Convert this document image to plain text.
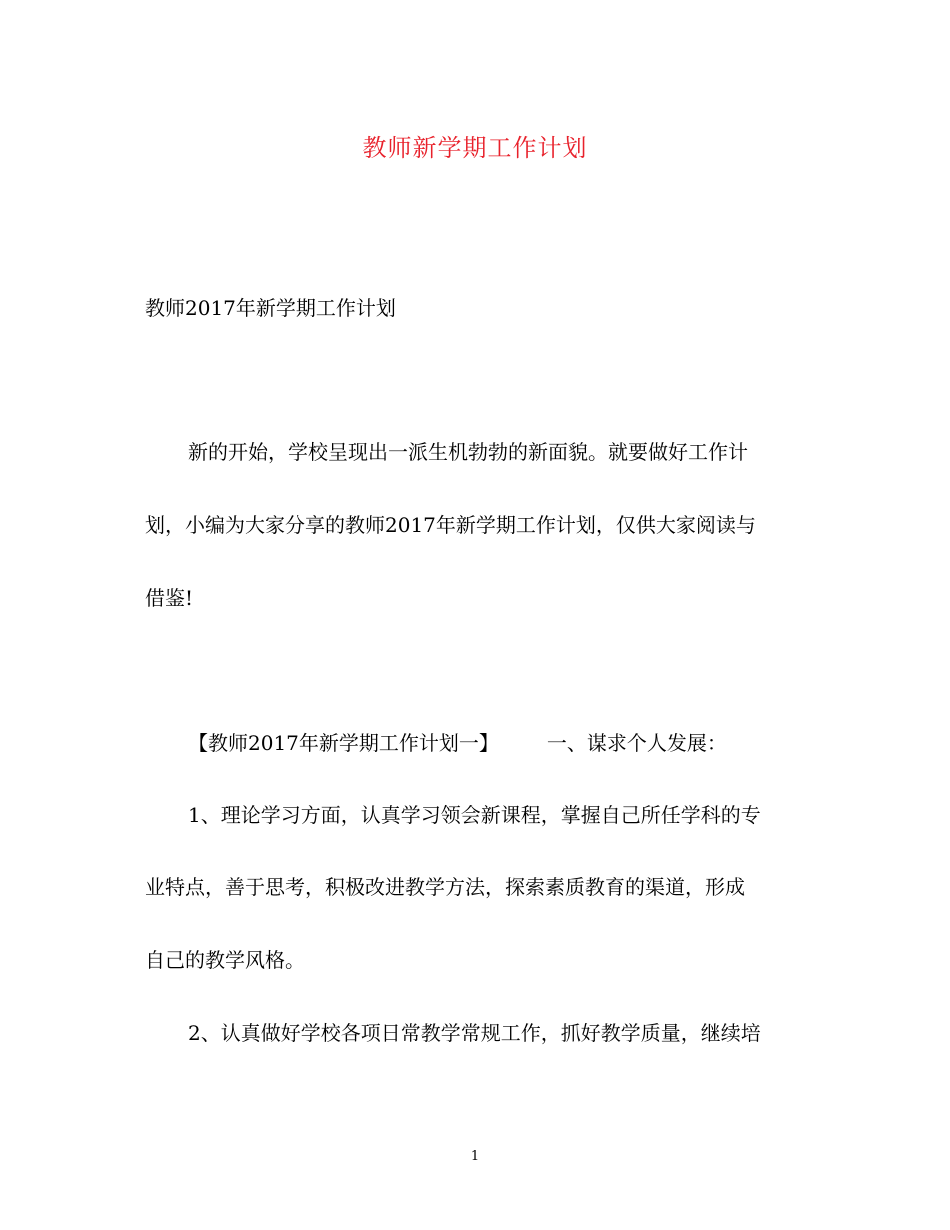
教师新学期工作计划
教师2017年新学期工作计划
新的开始，学校呈现出一派生机勃勃的新面貌。就要做好工作计
划，小编为大家分享的教师2017年新学期工作计划，仅供大家阅读与
借鉴!
【教师2017年新学期工作计划一】 一、谋求个人发展：
1、理论学习方面，认真学习领会新课程，掌握自己所任学科的专
业特点，善于思考，积极改进教学方法，探索素质教育的渠道，形成
自己的教学风格。
2、认真做好学校各项日常教学常规工作，抓好教学质量，继续培
1
